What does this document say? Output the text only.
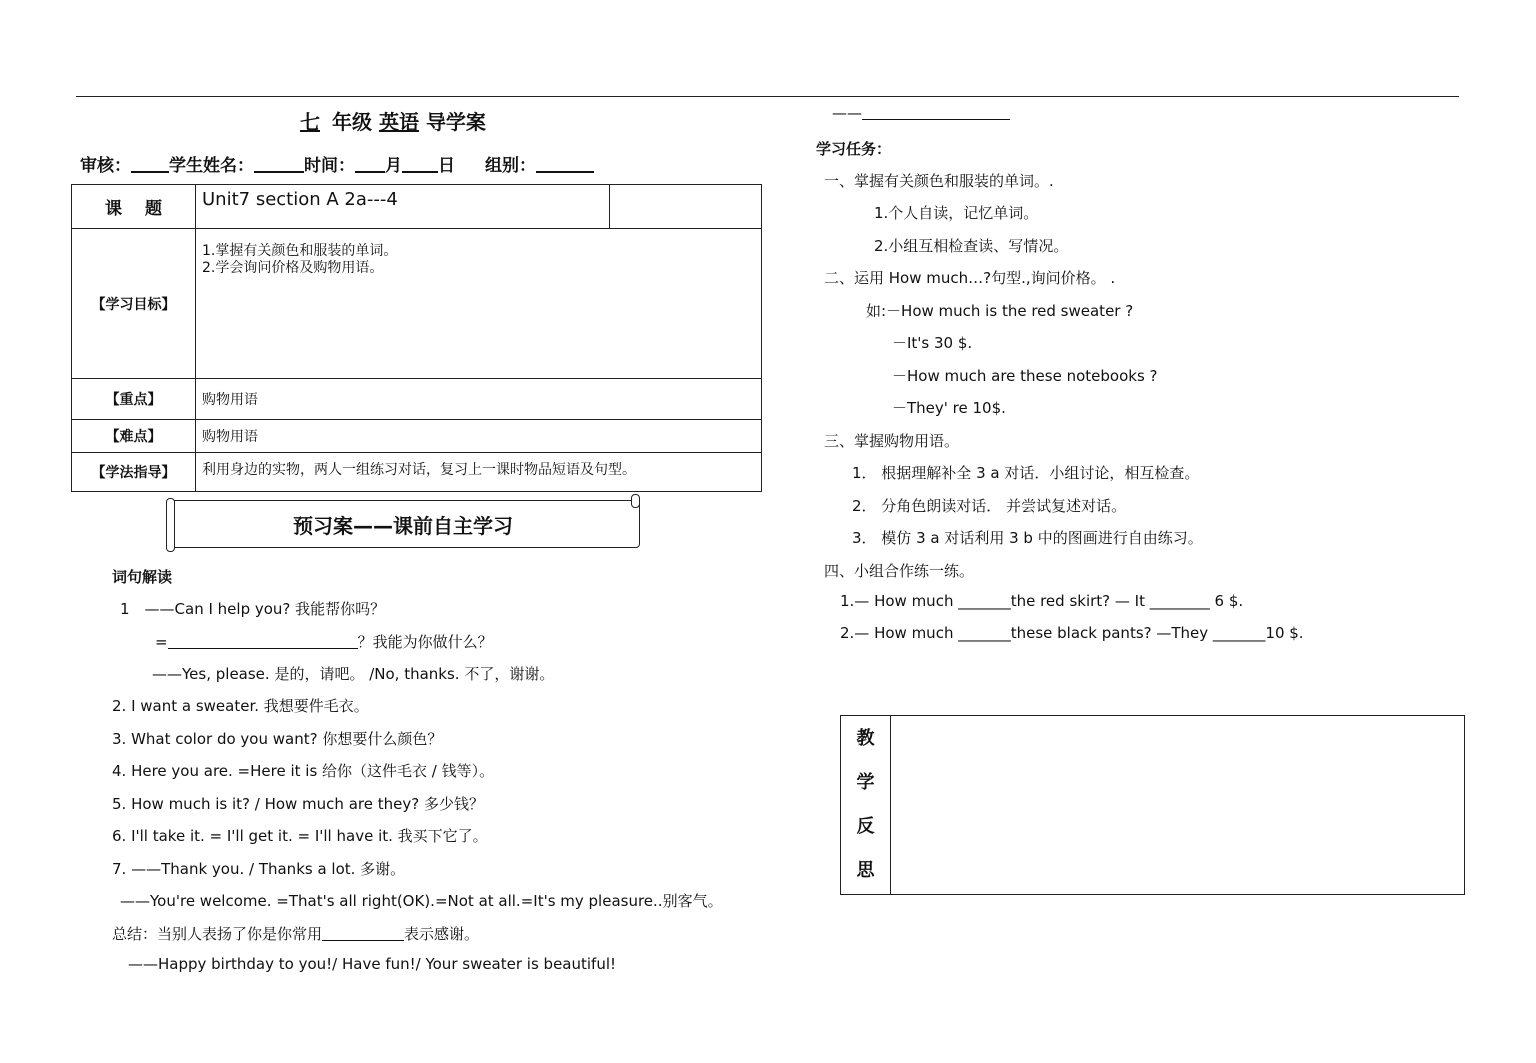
七 年级 英语 导学案
审核： 学生姓名：	时间： 月 日 组别：
课　 题	Unit7 section A 2a---4	
【学习目标】	1.掌握有关颜色和服装的单词。
2.学会询问价格及购物用语。	

【重点】	购物用语	
【难点】	购物用语	
【学法指导】	利用身边的实物，两人一组练习对话，复习上一课时物品短语及句型。	
预习案——课前自主学习
词句解读
1　——Can I help you? 我能帮你吗？
=	？我能为你做什么？
——Yes, please. 是的，请吧。 /No, thanks. 不了，谢谢。
2. I want a sweater. 我想要件毛衣。
3. What color do you want? 你想要什么颜色？
4. Here you are. =Here it is 给你（这件毛衣 / 钱等）。
5. How much is it? / How much are they? 多少钱？
6. I'll take it. = I'll get it. = I'll have it. 我买下它了。
7. ——Thank you. / Thanks a lot. 多谢。
——You're welcome. =That's all right(OK).=Not at all.=It's my pleasure..别客气。
总结：当别人表扬了你是你常用	表示感谢。
——Happy birthday to you!/ Have fun!/ Your sweater is beautiful!
——
学习任务：
一、掌握有关颜色和服装的单词。.
1.个人自读，记忆单词。
2.小组互相检查读、写情况。
二、运用 How much…?句型.,询问价格。 .
如:－How much is the red sweater ?
－It's 30 $.
－How much are these notebooks ?
－They' re 10$.
三、掌握购物用语。
1． 根据理解补全 3 a 对话．小组讨论，相互检查。
2． 分角色朗读对话． 并尝试复述对话。
3． 模仿 3 a 对话利用 3 b 中的图画进行自由练习。
四、小组合作练一练。
1.— How much _______the red skirt? — It ________ 6 $.
2.— How much _______these black pants? —They _______10 $.
教
学
反
思
